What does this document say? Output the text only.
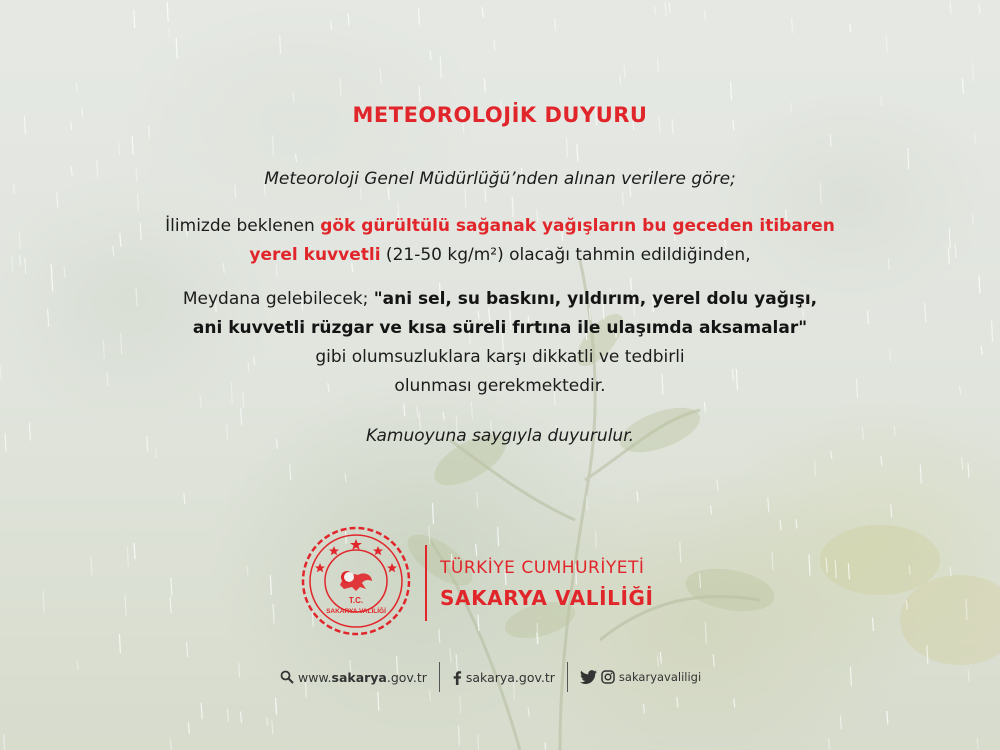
METEOROLOJİK DUYURU
Meteoroloji Genel Müdürlüğü’nden alınan verilere göre;
İlimizde beklenen gök gürültülü sağanak yağışların bu geceden itibaren
yerel kuvvetli (21-50 kg/m²) olacağı tahmin edildiğinden,
Meydana gelebilecek; "ani sel, su baskını, yıldırım, yerel dolu yağışı,
ani kuvvetli rüzgar ve kısa süreli fırtına ile ulaşımda aksamalar"
gibi olumsuzluklara karşı dikkatli ve tedbirli
olunması gerekmektedir.
Kamuoyuna saygıyla duyurulur.
T.C.
SAKARYA VALİLİĞİ
TÜRKİYE CUMHURİYETİ
SAKARYA VALİLİĞİ
www.sakarya.gov.tr	sakarya.gov.tr	sakaryavaliligi
